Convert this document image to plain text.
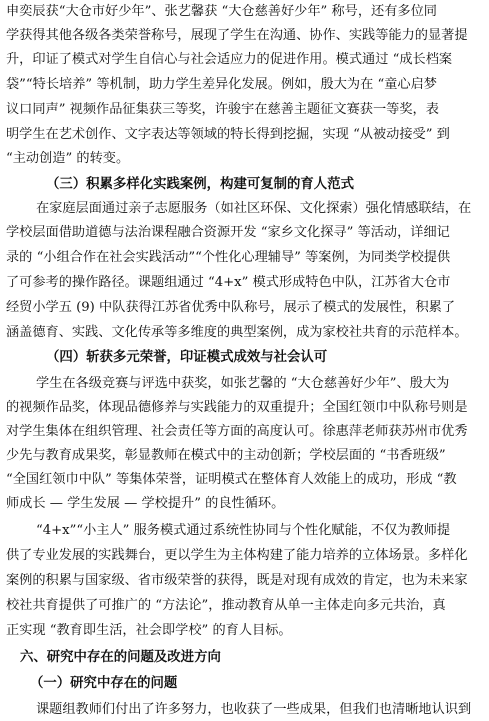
申奕辰获“大仓市好少年”、张艺馨获 “大仓慈善好少年” 称号，还有多位同
学获得其他各级各类荣誉称号，展现了学生在沟通、协作、实践等能力的显著提
升，印证了模式对学生自信心与社会适应力的促进作用。模式通过 “成长档案
袋”“特长培养” 等机制，助力学生差异化发展。例如，殷大为在 “童心启梦
议口同声” 视频作品征集获三等奖，许骏宇在慈善主题征文赛获一等奖，表
明学生在艺术创作、文字表达等领域的特长得到挖掘，实现 “从被动接受” 到
“主动创造” 的转变。
（三）积累多样化实践案例，构建可复制的育人范式
在家庭层面通过亲子志愿服务（如社区环保、文化探索）强化情感联结，在
学校层面借助道德与法治课程融合资源开发 “家乡文化探寻” 等活动，详细记
录的 “小组合作在社会实践活动”“个性化心理辅导” 等案例，为同类学校提供
了可参考的操作路径。课题组通过 “4+x” 模式形成特色中队，江苏省大仓市
经贸小学五 (9) 中队获得江苏省优秀中队称号，展示了模式的发展性，积累了
涵盖德育、实践、文化传承等多维度的典型案例，成为家校社共育的示范样本。
（四）斩获多元荣誉，印证模式成效与社会认可
学生在各级竞赛与评选中获奖，如张艺馨的 “大仓慈善好少年”、殷大为
的视频作品奖，体现品德修养与实践能力的双重提升；全国红领巾中队称号则是
对学生集体在组织管理、社会责任等方面的高度认可。徐惠萍老师获苏州市优秀
少先与教育成果奖，彰显教师在模式中的主动创新；学校层面的 “书香班级”
“全国红领巾中队” 等集体荣誉，证明模式在整体育人效能上的成功，形成 “教
师成长 — 学生发展 — 学校提升” 的良性循环。
“4+x”“小主人” 服务模式通过系统性协同与个性化赋能，不仅为教师提
供了专业发展的实践舞台，更以学生为主体构建了能力培养的立体场景。多样化
案例的积累与国家级、省市级荣誉的获得，既是对现有成效的肯定，也为未来家
校社共育提供了可推广的 “方法论”，推动教育从单一主体走向多元共治，真
正实现 “教育即生活，社会即学校” 的育人目标。
六、研究中存在的问题及改进方向
（一）研究中存在的问题
课题组教师们付出了许多努力，也收获了一些成果，但我们也清晰地认识到
